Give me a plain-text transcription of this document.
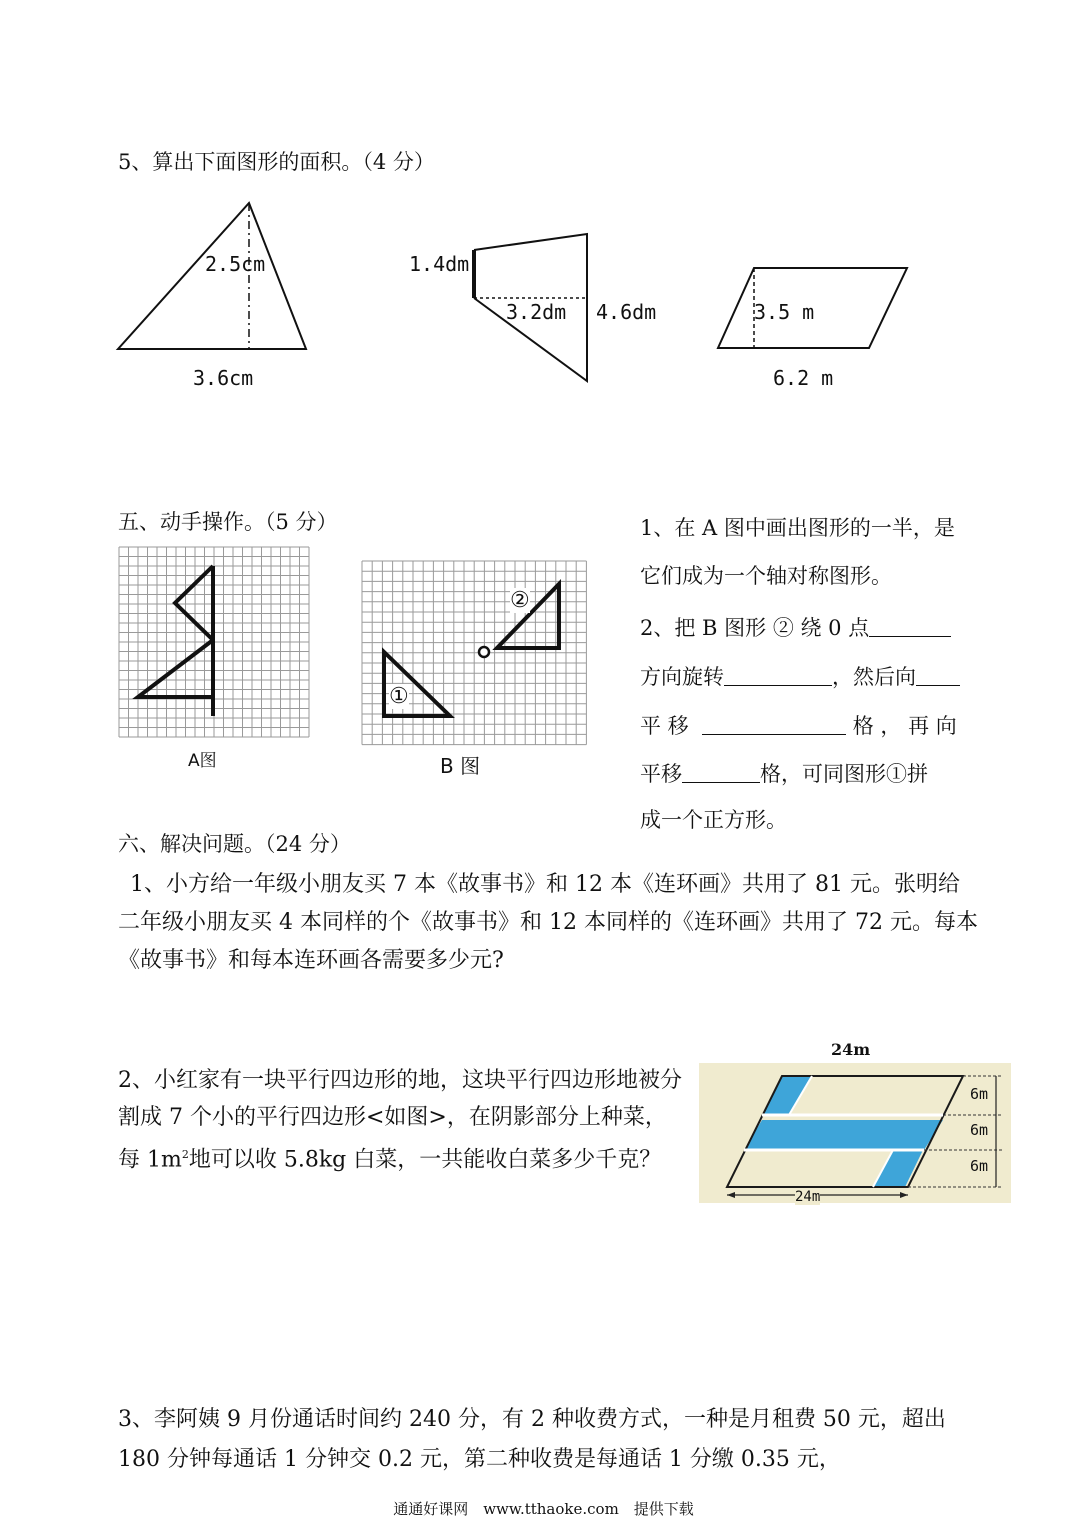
5、算出下面图形的面积。（4 分）
2.5cm
3.6cm
1.4dm
3.2dm 4.6dm	3.5 m
6.2 m
五、动手操作。（5 分）
A图
①
②
B 图
1、在 A 图中画出图形的一半，是
它们成为一个轴对称图形。
2、把 B 图形 ② 绕 0 点
方向旋转	，然后向
平 移	格 ， 再 向
平移	格，可同图形①拼
成一个正方形。
六、解决问题。（24 分）
1、小方给一年级小朋友买 7 本《故事书》和 12 本《连环画》共用了 81 元。张明给二年级小朋友买 4 本同样的个《故事书》和 12 本同样的《连环画》共用了 72 元。每本《故事书》和每本连环画各需要多少元?
2、小红家有一块平行四边形的地，这块平行四边形地被分割成 7 个小的平行四边形<如图>，在阴影部分上种菜，每 $1m^2$地可以收 5.8kg 白菜，一共能收白菜多少千克？
24m
6m
6m
6m
24m
3、李阿姨 9 月份通话时间约 240 分，有 2 种收费方式，一种是月租费 50 元，超出 180 分钟每通话 1 分钟交 0.2 元，第二种收费是每通话 1 分缴 0.35 元，
通通好课网　www.tthaoke.com　提供下载
